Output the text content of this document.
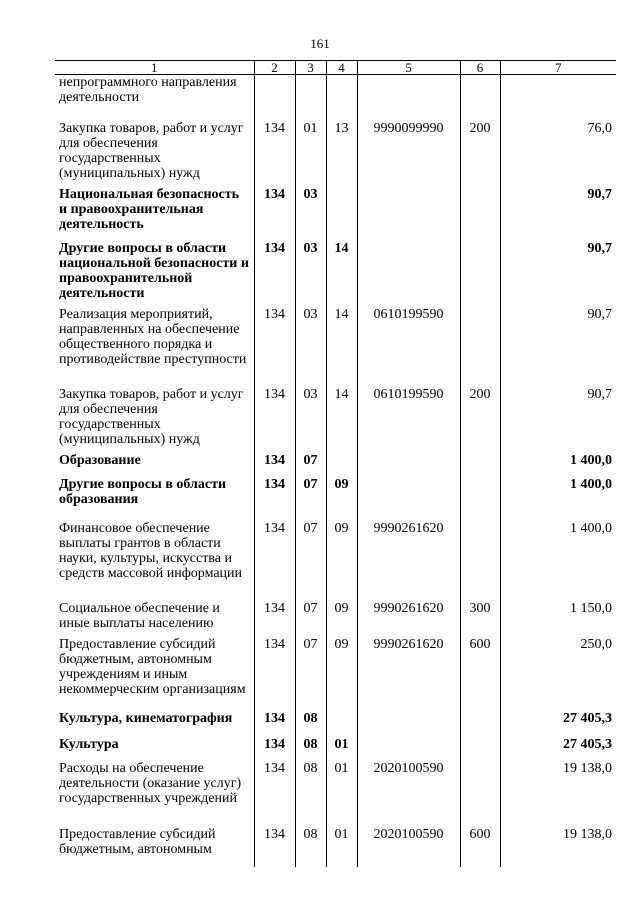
161
1	2	3	4	5	6	7
непрограммного направления деятельности						
Закупка товаров, работ и услуг для обеспечения государственных (муниципальных) нужд	134	01	13	9990099990	200	76,0
Национальная безопасность и правоохранительная деятельность	134	03				90,7
Другие вопросы в области национальной безопасности и правоохранительной деятельности	134	03	14			90,7
Реализация мероприятий, направленных на обеспечение общественного порядка и противодействие преступности	134	03	14	0610199590		90,7
Закупка товаров, работ и услуг для обеспечения государственных (муниципальных) нужд	134	03	14	0610199590	200	90,7
Образование	134	07				1 400,0
Другие вопросы в области образования	134	07	09			1 400,0
Финансовое обеспечение выплаты грантов в области науки, культуры, искусства и средств массовой информации	134	07	09	9990261620		1 400,0
Социальное обеспечение и иные выплаты населению	134	07	09	9990261620	300	1 150,0
Предоставление субсидий бюджетным, автономным учреждениям и иным некоммерческим организациям	134	07	09	9990261620	600	250,0
Культура, кинематография	134	08				27 405,3
Культура	134	08	01			27 405,3
Расходы на обеспечение деятельности (оказание услуг) государственных учреждений	134	08	01	2020100590		19 138,0
Предоставление субсидий бюджетным, автономным	134	08	01	2020100590	600	19 138,0
